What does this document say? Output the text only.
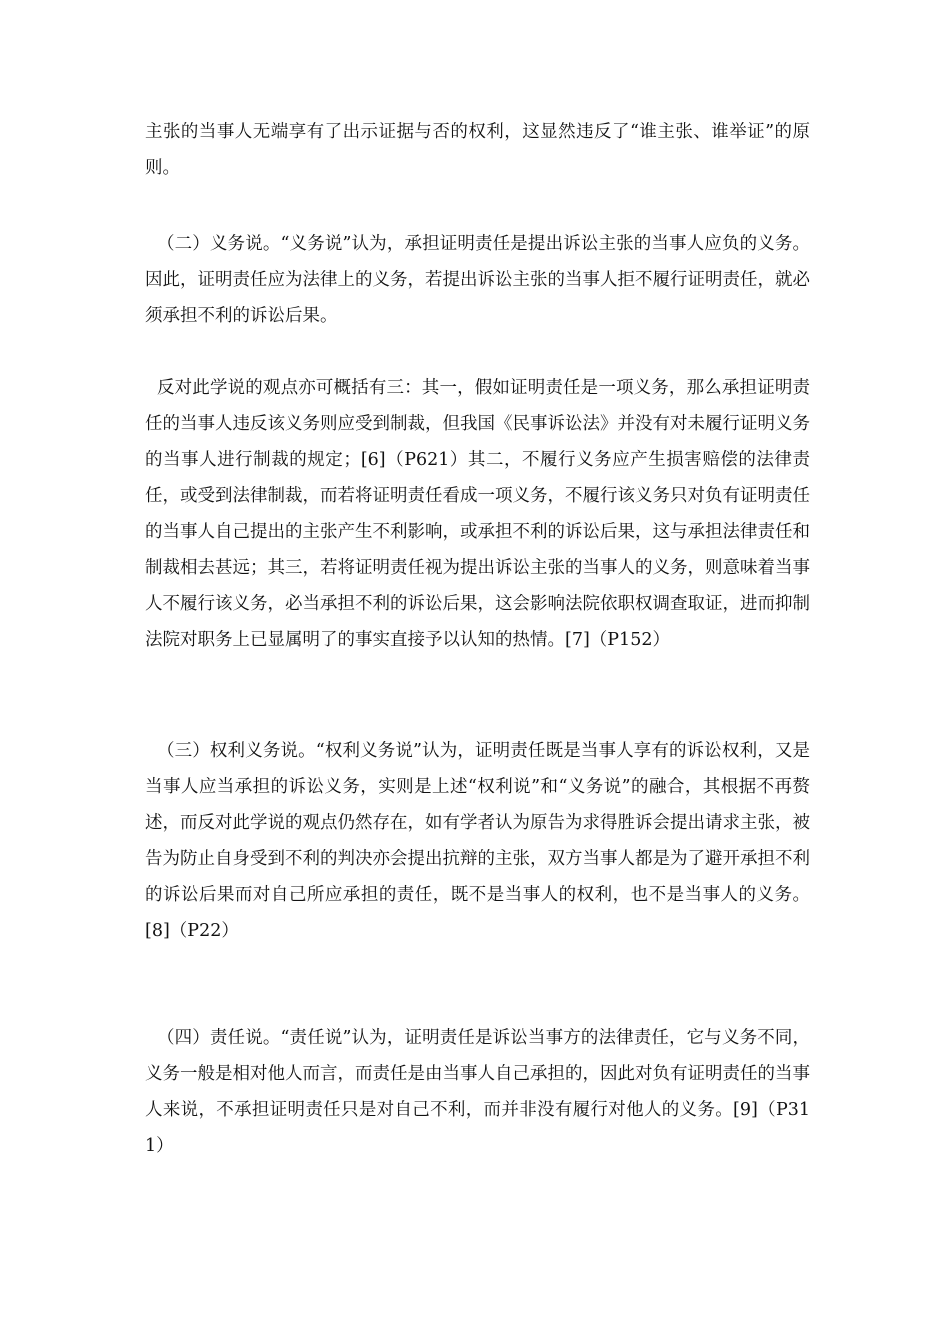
主张的当事人无端享有了出示证据与否的权利，这显然违反了“谁主张、谁举证”的原则。

（二）义务说。“义务说”认为，承担证明责任是提出诉讼主张的当事人应负的义务。因此，证明责任应为法律上的义务，若提出诉讼主张的当事人拒不履行证明责任，就必须承担不利的诉讼后果。

反对此学说的观点亦可概括有三：其一，假如证明责任是一项义务，那么承担证明责任的当事人违反该义务则应受到制裁，但我国《民事诉讼法》并没有对未履行证明义务的当事人进行制裁的规定；[6]（P621）其二，不履行义务应产生损害赔偿的法律责任，或受到法律制裁，而若将证明责任看成一项义务，不履行该义务只对负有证明责任的当事人自己提出的主张产生不利影响，或承担不利的诉讼后果，这与承担法律责任和制裁相去甚远；其三，若将证明责任视为提出诉讼主张的当事人的义务，则意味着当事人不履行该义务，必当承担不利的诉讼后果，这会影响法院依职权调查取证，进而抑制法院对职务上已显属明了的事实直接予以认知的热情。[7]（P152）

（三）权利义务说。“权利义务说”认为，证明责任既是当事人享有的诉讼权利，又是当事人应当承担的诉讼义务，实则是上述“权利说”和“义务说”的融合，其根据不再赘述，而反对此学说的观点仍然存在，如有学者认为原告为求得胜诉会提出请求主张，被告为防止自身受到不利的判决亦会提出抗辩的主张，双方当事人都是为了避开承担不利的诉讼后果而对自己所应承担的责任，既不是当事人的权利，也不是当事人的义务。[8]（P22）

（四）责任说。“责任说”认为，证明责任是诉讼当事方的法律责任，它与义务不同，义务一般是相对他人而言，而责任是由当事人自己承担的，因此对负有证明责任的当事人来说，不承担证明责任只是对自己不利，而并非没有履行对他人的义务。[9]（P311）
